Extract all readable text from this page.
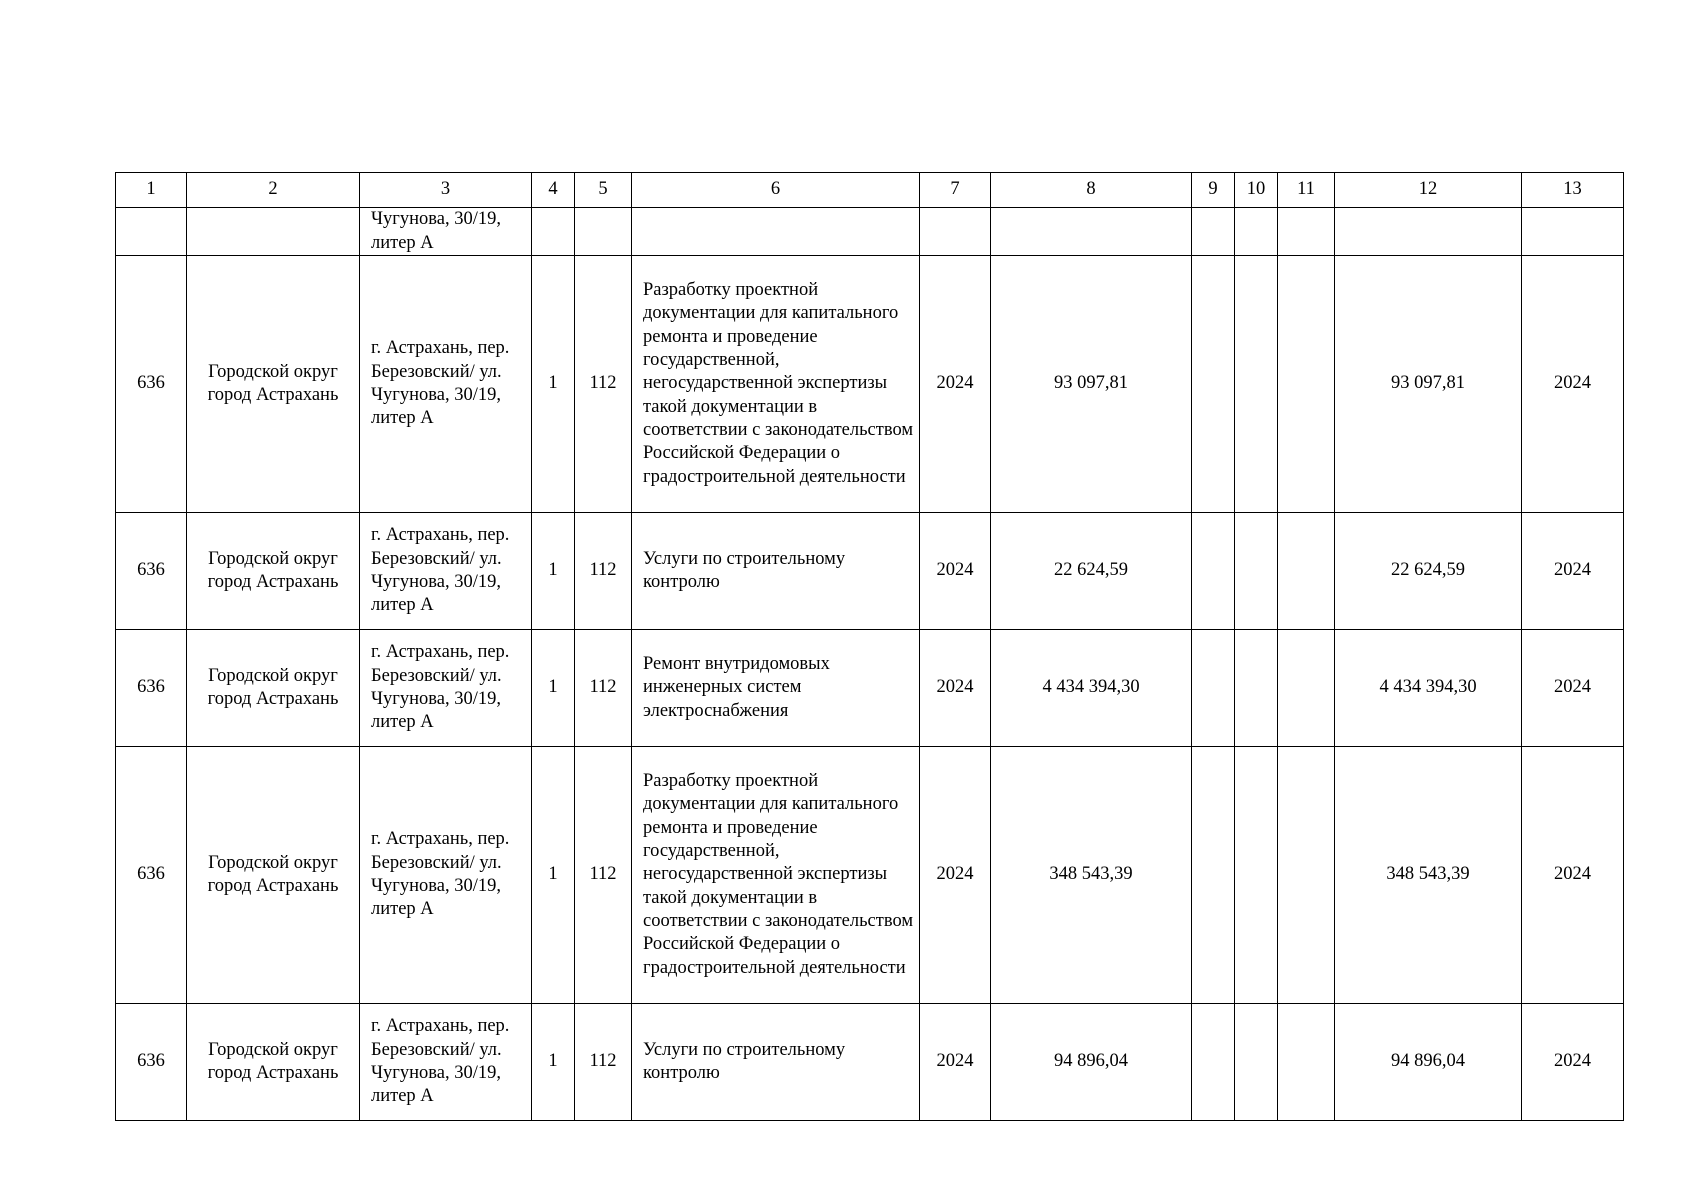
1	2	3	4	5	6	7	8	9	10	11	12	13
		Чугунова, 30/19, литер А										
636	Городской округ город Астрахань	г. Астрахань, пер. Березовский/ ул. Чугунова, 30/19, литер А	1	112	Разработку проектной документации для капитального ремонта и проведение государственной, негосударственной экспертизы такой документации в соответствии с законодательством Российской Федерации о градостроительной деятельности	2024	93 097,81				93 097,81	2024
636	Городской округ город Астрахань	г. Астрахань, пер. Березовский/ ул. Чугунова, 30/19, литер А	1	112	Услуги по строительному контролю	2024	22 624,59				22 624,59	2024
636	Городской округ город Астрахань	г. Астрахань, пер. Березовский/ ул. Чугунова, 30/19, литер А	1	112	Ремонт внутридомовых инженерных систем электроснабжения	2024	4 434 394,30				4 434 394,30	2024
636	Городской округ город Астрахань	г. Астрахань, пер. Березовский/ ул. Чугунова, 30/19, литер А	1	112	Разработку проектной документации для капитального ремонта и проведение государственной, негосударственной экспертизы такой документации в соответствии с законодательством Российской Федерации о градостроительной деятельности	2024	348 543,39				348 543,39	2024
636	Городской округ город Астрахань	г. Астрахань, пер. Березовский/ ул. Чугунова, 30/19, литер А	1	112	Услуги по строительному контролю	2024	94 896,04				94 896,04	2024
